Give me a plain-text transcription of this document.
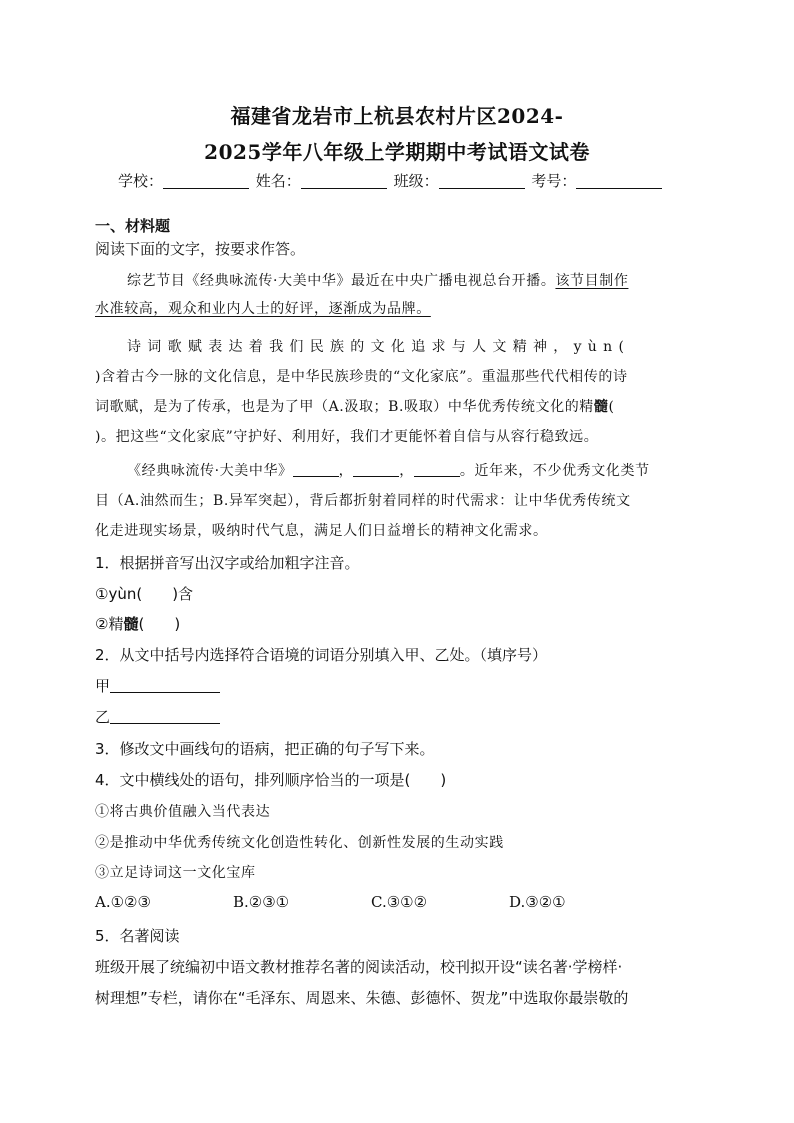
福建省龙岩市上杭县农村片区2024-
2025学年八年级上学期期中考试语文试卷
学校：	姓名：	班级：	考号：
一、材料题
阅读下面的文字，按要求作答。
综艺节目《经典咏流传·大美中华》最近在中央广播电视总台开播。该节目制作
水准较高，观众和业内人士的好评，逐渐成为品牌。
诗词歌赋表达着我们民族的文化追求与人文精神，yùn(
)含着古今一脉的文化信息，是中华民族珍贵的“文化家底”。重温那些代代相传的诗
词歌赋，是为了传承，也是为了甲（A.汲取；B.吸取）中华优秀传统文化的精髓(
)。把这些“文化家底”守护好、利用好，我们才更能怀着自信与从容行稳致远。
《经典咏流传·大美中华》	，	，	。近年来，不少优秀文化类节
目（A.油然而生；B.异军突起），背后都折射着同样的时代需求：让中华优秀传统文
化走进现实场景，吸纳时代气息，满足人们日益增长的精神文化需求。
1．根据拼音写出汉字或给加粗字注音。
①yùn(　　)含
②精髓(　　)
2．从文中括号内选择符合语境的词语分别填入甲、乙处。（填序号）
甲
乙
3．修改文中画线句的语病，把正确的句子写下来。
4．文中横线处的语句，排列顺序恰当的一项是(　　)
①将古典价值融入当代表达
②是推动中华优秀传统文化创造性转化、创新性发展的生动实践
③立足诗词这一文化宝库
A.①②③	B.②③①	C.③①②	D.③②①
5．名著阅读
班级开展了统编初中语文教材推荐名著的阅读活动，校刊拟开设“读名著·学榜样·
树理想”专栏，请你在“毛泽东、周恩来、朱德、彭德怀、贺龙”中选取你最崇敬的
